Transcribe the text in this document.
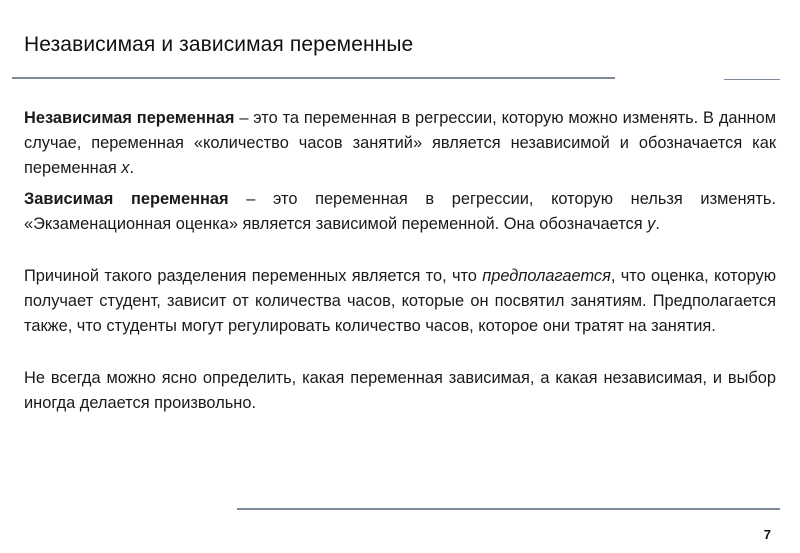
Независимая и зависимая переменные

Независимая переменная – это та переменная в регрессии, которую можно изменять. В данном случае, переменная «количество часов занятий» является независимой и обозначается как переменная x.

Зависимая переменная – это переменная в регрессии, которую нельзя изменять. «Экзаменационная оценка» является зависимой переменной. Она обозначается y.

Причиной такого разделения переменных является то, что предполагается, что оценка, которую получает студент, зависит от количества часов, которые он посвятил занятиям. Предполагается также, что студенты могут регулировать количество часов, которое они тратят на занятия.

Не всегда можно ясно определить, какая переменная зависимая, а какая независимая, и выбор иногда делается произвольно.

7
